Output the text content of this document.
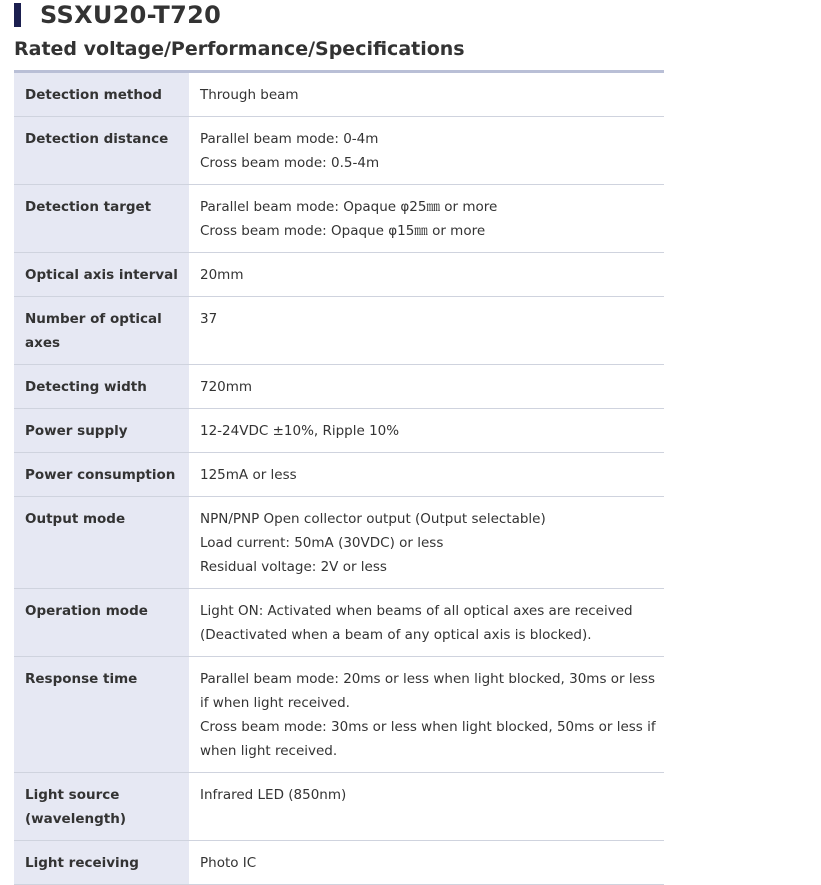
SSXU20-T720
Rated voltage/Performance/Specifications
Detection method	Through beam

Detection distance	Parallel beam mode: 0-4m
Cross beam mode: 0.5-4m

Detection target	Parallel beam mode: Opaque φ25㎜ or more
Cross beam mode: Opaque φ15㎜ or more

Optical axis interval	20mm

Number of optical axes	37

Detecting width	720mm

Power supply	12-24VDC ±10%, Ripple 10%

Power consumption	125mA or less

Output mode	NPN/PNP Open collector output (Output selectable)
Load current: 50mA (30VDC) or less
Residual voltage: 2V or less

Operation mode	Light ON: Activated when beams of all optical axes are received
(Deactivated when a beam of any optical axis is blocked).

Response time	Parallel beam mode: 20ms or less when light blocked, 30ms or less if when light received.
Cross beam mode: 30ms or less when light blocked, 50ms or less if when light received.

Light source (wavelength)	Infrared LED (850nm)

Light receiving	Photo IC
